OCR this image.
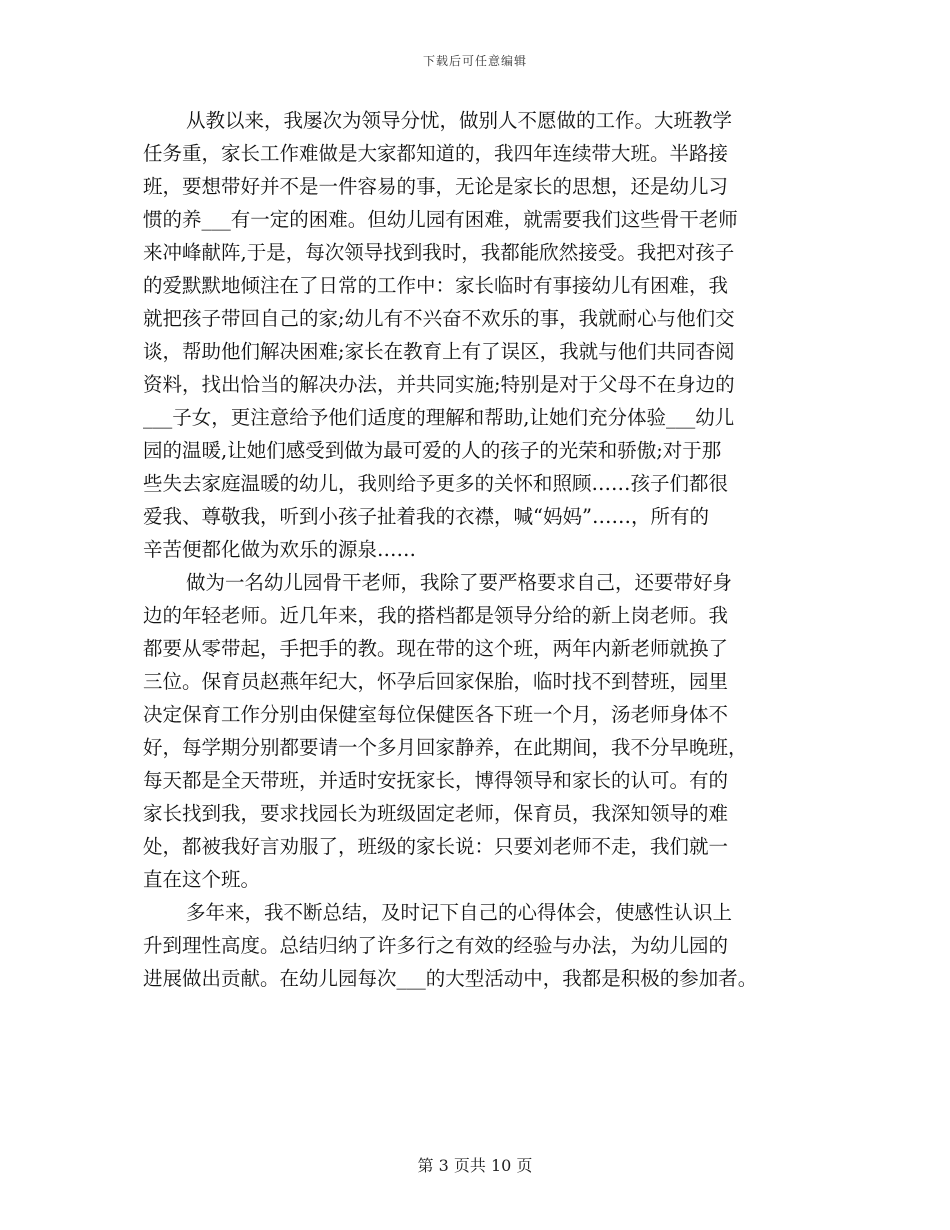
下载后可任意编辑
从教以来，我屡次为领导分忧，做别人不愿做的工作。大班教学
任务重，家长工作难做是大家都知道的，我四年连续带大班。半路接
班，要想带好并不是一件容易的事，无论是家长的思想，还是幼儿习
惯的养___有一定的困难。但幼儿园有困难，就需要我们这些骨干老师
来冲峰献阵,于是，每次领导找到我时，我都能欣然接受。我把对孩子
的爱默默地倾注在了日常的工作中：家长临时有事接幼儿有困难，我
就把孩子带回自己的家;幼儿有不兴奋不欢乐的事，我就耐心与他们交
谈，帮助他们解决困难;家长在教育上有了误区，我就与他们共同杳阅
资料，找出恰当的解决办法，并共同实施;特别是对于父母不在身边的
___子女，更注意给予他们适度的理解和帮助,让她们充分体验___幼儿
园的温暖,让她们感受到做为最可爱的人的孩子的光荣和骄傲;对于那
些失去家庭温暖的幼儿，我则给予更多的关怀和照顾……孩子们都很
爱我、尊敬我，听到小孩子扯着我的衣襟，喊“妈妈”……，所有的
辛苦便都化做为欢乐的源泉……
做为一名幼儿园骨干老师，我除了要严格要求自己，还要带好身
边的年轻老师。近几年来，我的搭档都是领导分给的新上岗老师。我
都要从零带起，手把手的教。现在带的这个班，两年内新老师就换了
三位。保育员赵燕年纪大，怀孕后回家保胎，临时找不到替班，园里
决定保育工作分别由保健室每位保健医各下班一个月，汤老师身体不
好，每学期分别都要请一个多月回家静养，在此期间，我不分早晚班，
每天都是全天带班，并适时安抚家长，博得领导和家长的认可。有的
家长找到我，要求找园长为班级固定老师，保育员，我深知领导的难
处，都被我好言劝服了，班级的家长说：只要刘老师不走，我们就一
直在这个班。
多年来，我不断总结，及时记下自己的心得体会，使感性认识上
升到理性高度。总结归纳了许多行之有效的经验与办法，为幼儿园的
进展做出贡献。在幼儿园每次___的大型活动中，我都是积极的参加者。
第 3 页共 10 页
